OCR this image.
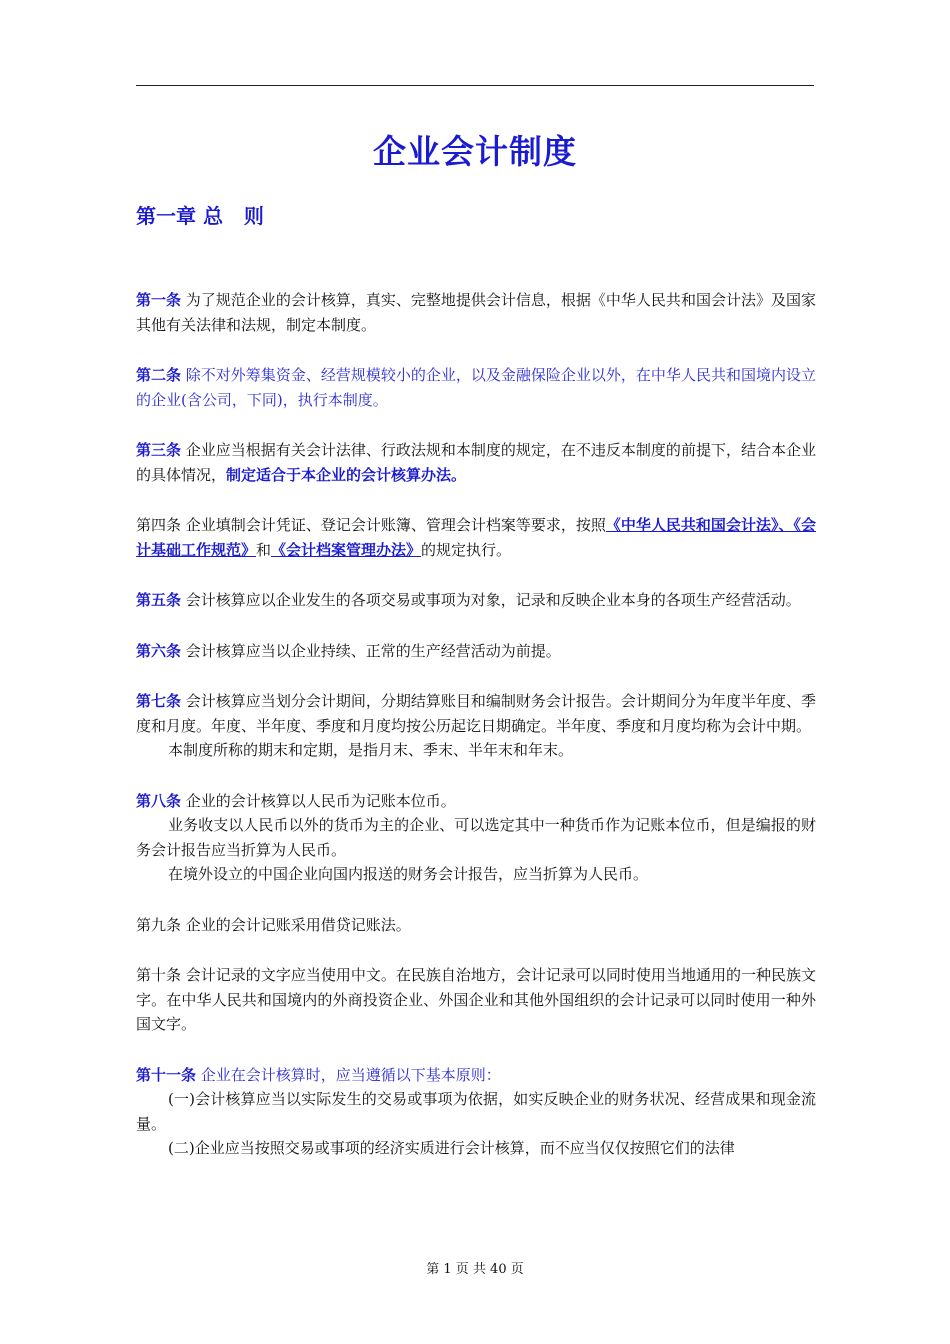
企业会计制度
第一章 总   则

第一条 为了规范企业的会计核算，真实、完整地提供会计信息，根据《中华人民共和国会计法》及国家其他有关法律和法规，制定本制度。

第二条 除不对外筹集资金、经营规模较小的企业，以及金融保险企业以外，在中华人民共和国境内设立的企业(含公司，下同)，执行本制度。

第三条 企业应当根据有关会计法律、行政法规和本制度的规定，在不违反本制度的前提下，结合本企业的具体情况，制定适合于本企业的会计核算办法。

第四条 企业填制会计凭证、登记会计账簿、管理会计档案等要求，按照《中华人民共和国会计法》、《会计基础工作规范》和《会计档案管理办法》的规定执行。

第五条 会计核算应以企业发生的各项交易或事项为对象，记录和反映企业本身的各项生产经营活动。

第六条 会计核算应当以企业持续、正常的生产经营活动为前提。

第七条 会计核算应当划分会计期间，分期结算账目和编制财务会计报告。会计期间分为年度半年度、季度和月度。年度、半年度、季度和月度均按公历起讫日期确定。半年度、季度和月度均称为会计中期。

本制度所称的期末和定期，是指月末、季末、半年末和年末。

第八条 企业的会计核算以人民币为记账本位币。

业务收支以人民币以外的货币为主的企业、可以选定其中一种货币作为记账本位币，但是编报的财务会计报告应当折算为人民币。

在境外设立的中国企业向国内报送的财务会计报告，应当折算为人民币。

第九条 企业的会计记账采用借贷记账法。

第十条 会计记录的文字应当使用中文。在民族自治地方，会计记录可以同时使用当地通用的一种民族文字。在中华人民共和国境内的外商投资企业、外国企业和其他外国组织的会计记录可以同时使用一种外国文字。

第十一条 企业在会计核算时，应当遵循以下基本原则：

(一)会计核算应当以实际发生的交易或事项为依据，如实反映企业的财务状况、经营成果和现金流量。

(二)企业应当按照交易或事项的经济实质进行会计核算，而不应当仅仅按照它们的法律

第 1 页 共 40 页
